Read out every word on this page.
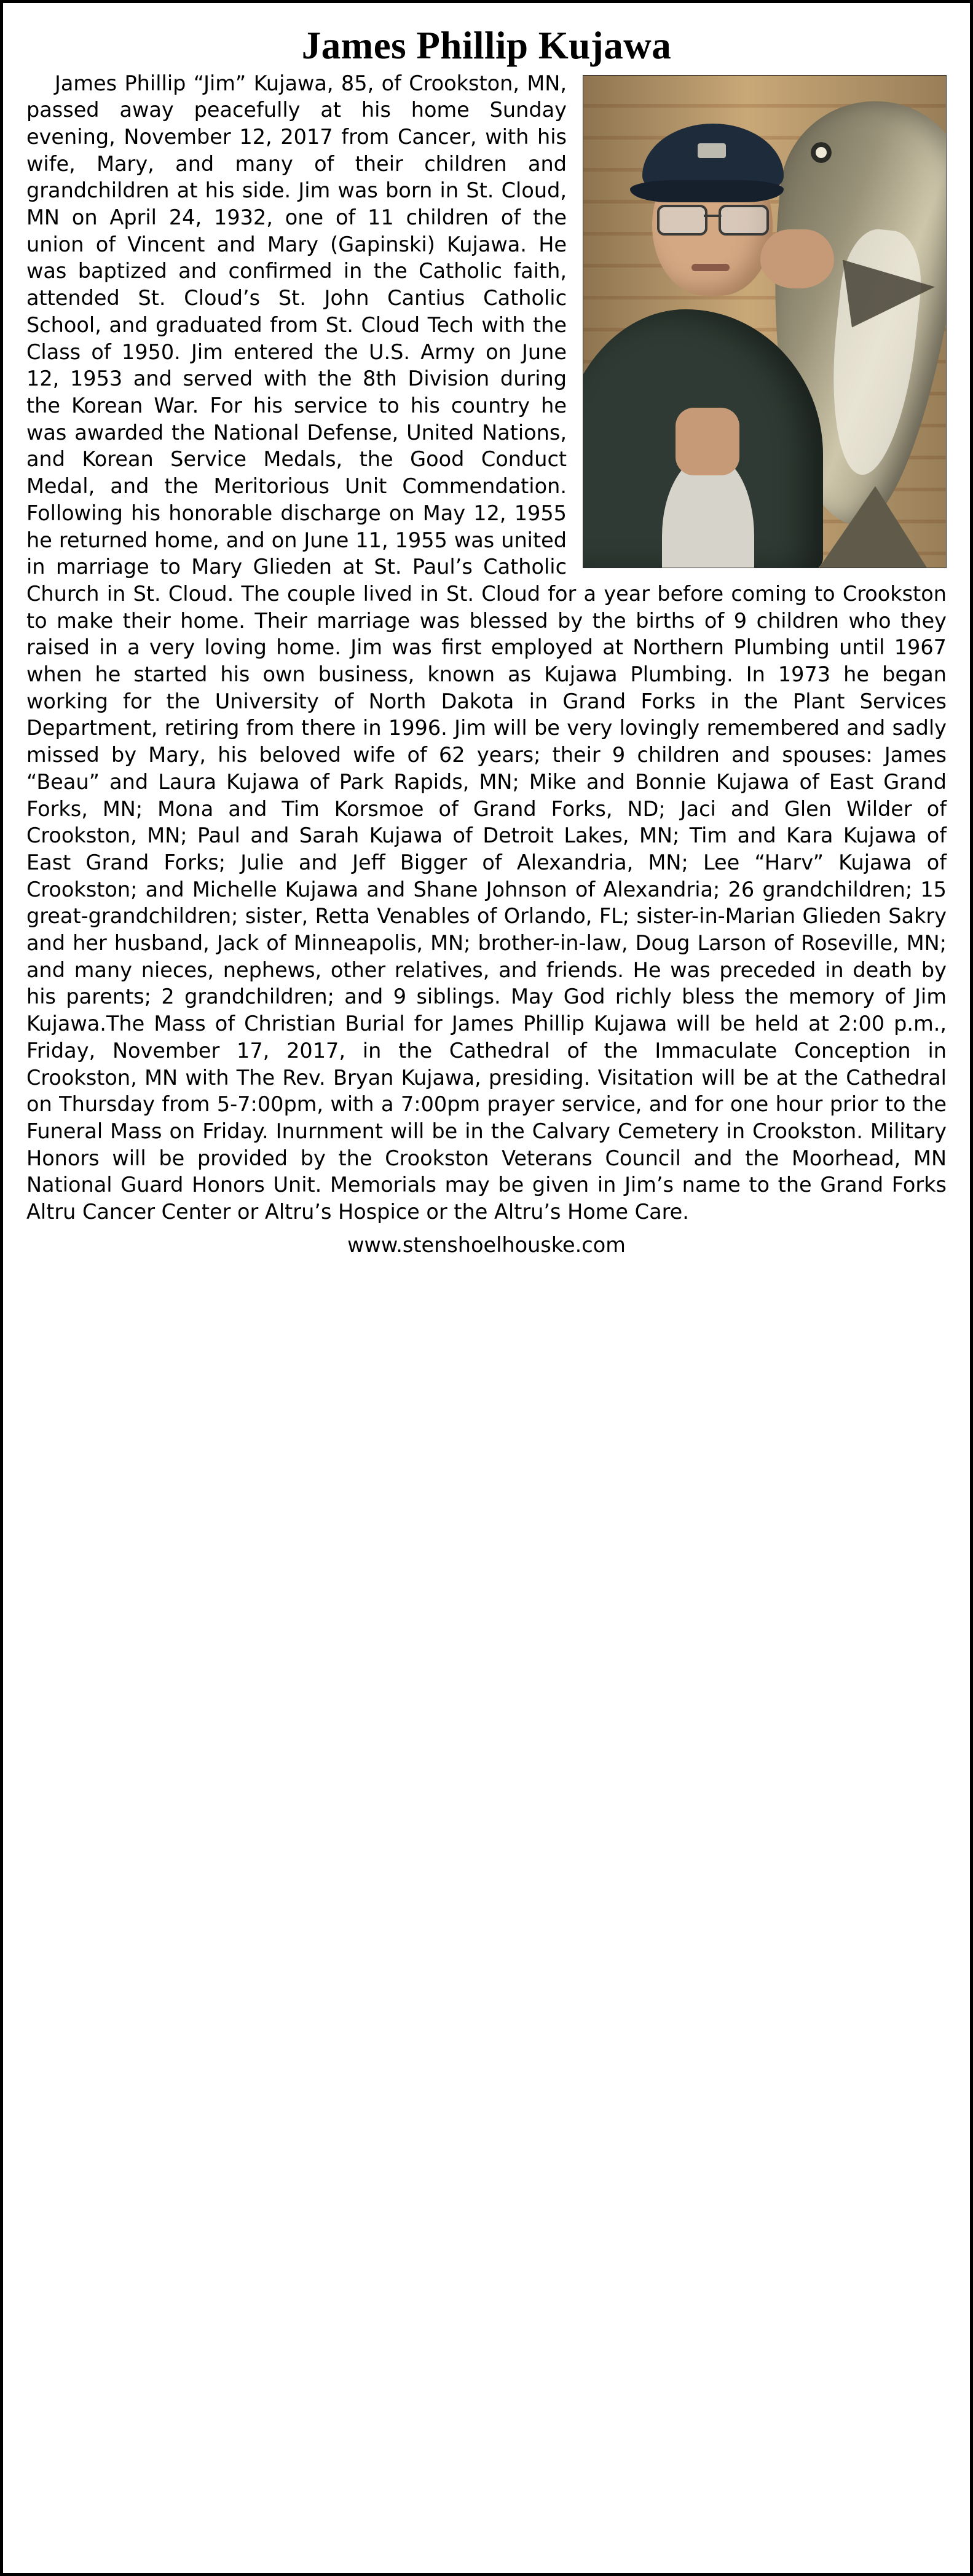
James Phillip Kujawa

James Phillip “Jim” Kujawa, 85, of Crookston, MN, passed away peacefully at his home Sunday evening, November 12, 2017 from Cancer, with his wife, Mary, and many of their children and grandchildren at his side. Jim was born in St. Cloud, MN on April 24, 1932, one of 11 children of the union of Vincent and Mary (Gapinski) Kujawa. He was baptized and confirmed in the Catholic faith, attended St. Cloud’s St. John Cantius Catholic School, and graduated from St. Cloud Tech with the Class of 1950. Jim entered the U.S. Army on June 12, 1953 and served with the 8th Division during the Korean War. For his service to his country he was awarded the National Defense, United Nations, and Korean Service Medals, the Good Conduct Medal, and the Meritorious Unit Commendation. Following his honorable discharge on May 12, 1955 he returned home, and on June 11, 1955 was united in marriage to Mary Glieden at St. Paul’s Catholic Church in St. Cloud. The couple lived in St. Cloud for a year before coming to Crookston to make their home. Their marriage was blessed by the births of 9 children who they raised in a very loving home. Jim was first employed at Northern Plumbing until 1967 when he started his own business, known as Kujawa Plumbing. In 1973 he began working for the University of North Dakota in Grand Forks in the Plant Services Department, retiring from there in 1996. Jim will be very lovingly remembered and sadly missed by Mary, his beloved wife of 62 years; their 9 children and spouses: James “Beau” and Laura Kujawa of Park Rapids, MN; Mike and Bonnie Kujawa of East Grand Forks, MN; Mona and Tim Korsmoe of Grand Forks, ND; Jaci and Glen Wilder of Crookston, MN; Paul and Sarah Kujawa of Detroit Lakes, MN; Tim and Kara Kujawa of East Grand Forks; Julie and Jeff Bigger of Alexandria, MN; Lee “Harv” Kujawa of Crookston; and Michelle Kujawa and Shane Johnson of Alexandria; 26 grandchildren; 15 great-grandchildren; sister, Retta Venables of Orlando, FL; sister-in-Marian Glieden Sakry and her husband, Jack of Minneapolis, MN; brother-in-law, Doug Larson of Roseville, MN; and many nieces, nephews, other relatives, and friends. He was preceded in death by his parents; 2 grandchildren; and 9 siblings. May God richly bless the memory of Jim Kujawa.The Mass of Christian Burial for James Phillip Kujawa will be held at 2:00 p.m., Friday, November 17, 2017, in the Cathedral of the Immaculate Conception in Crookston, MN with The Rev. Bryan Kujawa, presiding. Visitation will be at the Cathedral on Thursday from 5-7:00pm, with a 7:00pm prayer service, and for one hour prior to the Funeral Mass on Friday. Inurnment will be in the Calvary Cemetery in Crookston. Military Honors will be provided by the Crookston Veterans Council and the Moorhead, MN National Guard Honors Unit. Memorials may be given in Jim’s name to the Grand Forks Altru Cancer Center or Altru’s Hospice or the Altru’s Home Care.

www.stenshoelhouske.com
